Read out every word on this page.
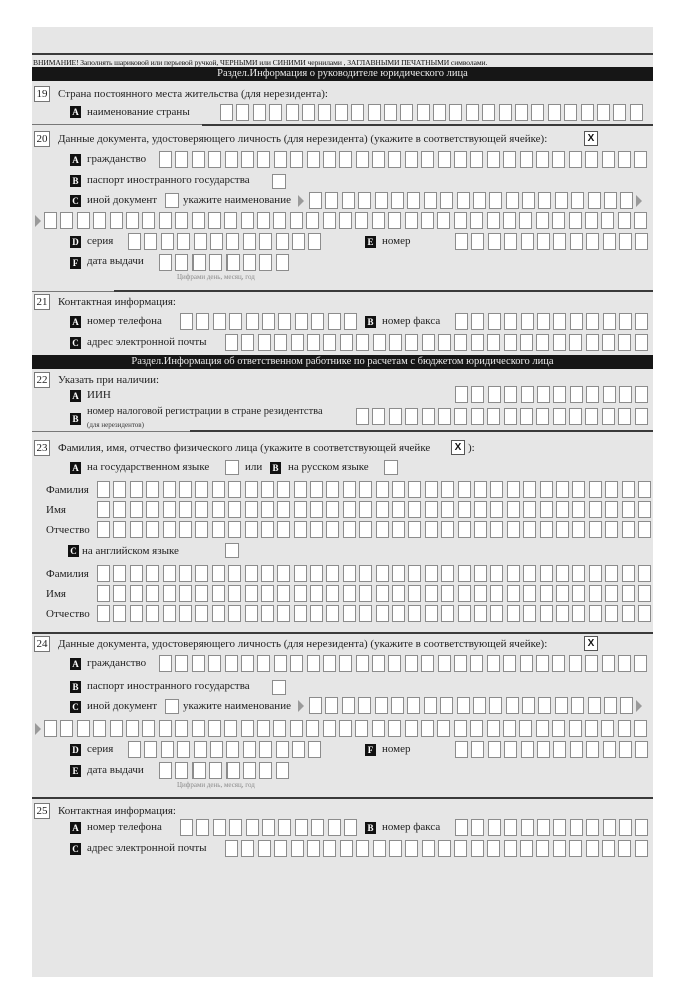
ВНИМАНИЕ! Заполнять шариковой или перьевой ручкой, ЧЕРНЫМИ или СИНИМИ чернилами , ЗАГЛАВНЫМИ ПЕЧАТНЫМИ символами.
Раздел.Информация о руководителе юридического лица
19 Страна постоянного места жительства (для нерезидента):
A наименование страны
20 Данные документа, удостоверяющего личность (для нерезидента) (укажите в соответствующей ячейке):	X
A гражданство
B паспорт иностранного государства
C иной документ укажите наименование
D серия	E номер
F дата выдачи
Цифрами день, месяц, год
21 Контактная информация:
A номер телефона	B номер факса
C адрес электронной почты
Раздел.Информация об ответственном работнике по расчетам с бюджетом юридического лица
22 Указать при наличии:
A ИИН
B
номер налоговой регистрации в стране резидентства
(для нерезидентов)
23 Фамилия, имя, отчество физического лица (укажите в соответствующей ячейке	X ):
A на государственном языке	или B на русском языке
Фамилия
Имя
Отчество
C на английском языке
Фамилия
Имя
Отчество
24 Данные документа, удостоверяющего личность (для нерезидента) (укажите в соответствующей ячейке):	X
A гражданство
B паспорт иностранного государства
C иной документ укажите наименование
D серия	F номер
E дата выдачи
Цифрами день, месяц, год
25 Контактная информация:
A номер телефона	B номер факса
C адрес электронной почты
